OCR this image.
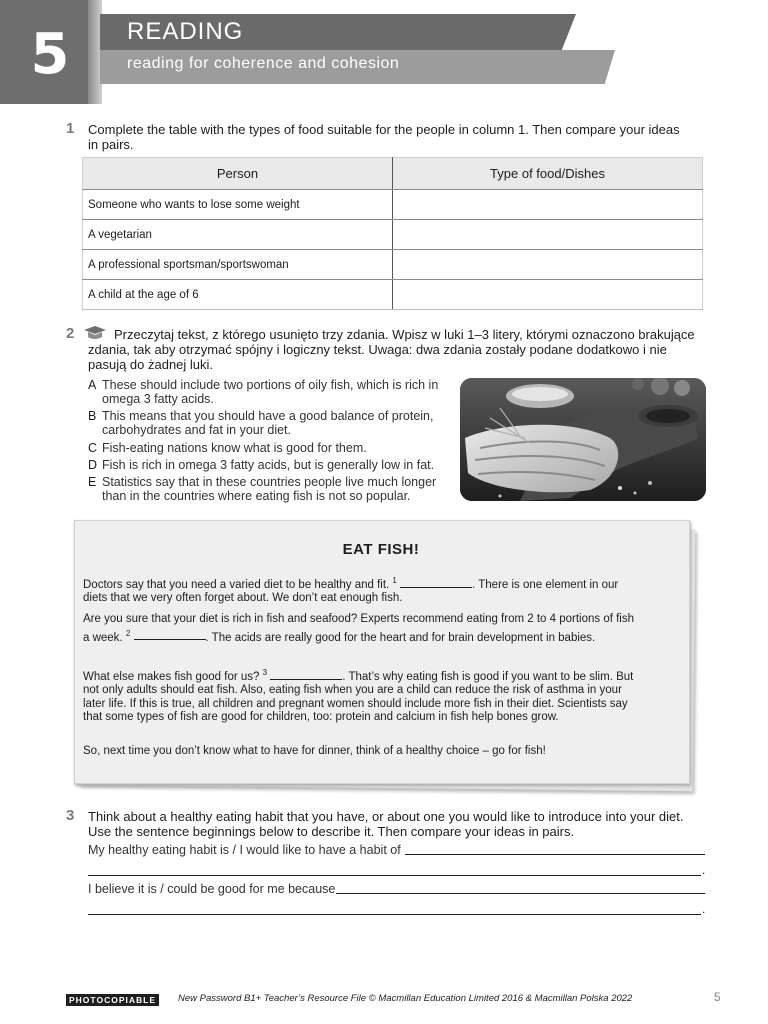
5	READING
reading for coherence and cohesion
1 Complete the table with the types of food suitable for the people in column 1. Then compare your ideas in pairs.
Person	Type of food/Dishes
Someone who wants to lose some weight	
A vegetarian	
A professional sportsman/sportswoman	
A child at the age of 6	
2	Przeczytaj tekst, z którego usunięto trzy zdania. Wpisz w luki 1–3 litery, którymi oznaczono brakujące zdania, tak aby otrzymać spójny i logiczny tekst. Uwaga: dwa zdania zostały podane dodatkowo i nie pasują do żadnej luki.
A These should include two portions of oily fish, which is rich in omega 3 fatty acids.
B This means that you should have a good balance of protein, carbohydrates and fat in your diet.
C Fish-eating nations know what is good for them.
D Fish is rich in omega 3 fatty acids, but is generally low in fat.
E Statistics say that in these countries people live much longer than in the countries where eating fish is not so popular.
EAT FISH!
Doctors say that you need a varied diet to be healthy and fit. $^1$	. There is one element in our diets that we very often forget about. We don’t eat enough fish.
Are you sure that your diet is rich in fish and seafood? Experts recommend eating from 2 to 4 portions of fish a week. $^2$	. The acids are really good for the heart and for brain development in babies.
What else makes fish good for us? $^3$	. That’s why eating fish is good if you want to be slim. But not only adults should eat fish. Also, eating fish when you are a child can reduce the risk of asthma in your later life. If this is true, all children and pregnant women should include more fish in their diet. Scientists say that some types of fish are good for children, too: protein and calcium in fish help bones grow.
So, next time you don’t know what to have for dinner, think of a healthy choice – go for fish!
3 Think about a healthy eating habit that you have, or about one you would like to introduce into your diet. Use the sentence beginnings below to describe it. Then compare your ideas in pairs.
My healthy eating habit is / I would like to have a habit of
.
I believe it is / could be good for me because
.
PHOTOCOPIABLE	New Password B1+ Teacher’s Resource File © Macmillan Education Limited 2016 & Macmillan Polska 2022	5
